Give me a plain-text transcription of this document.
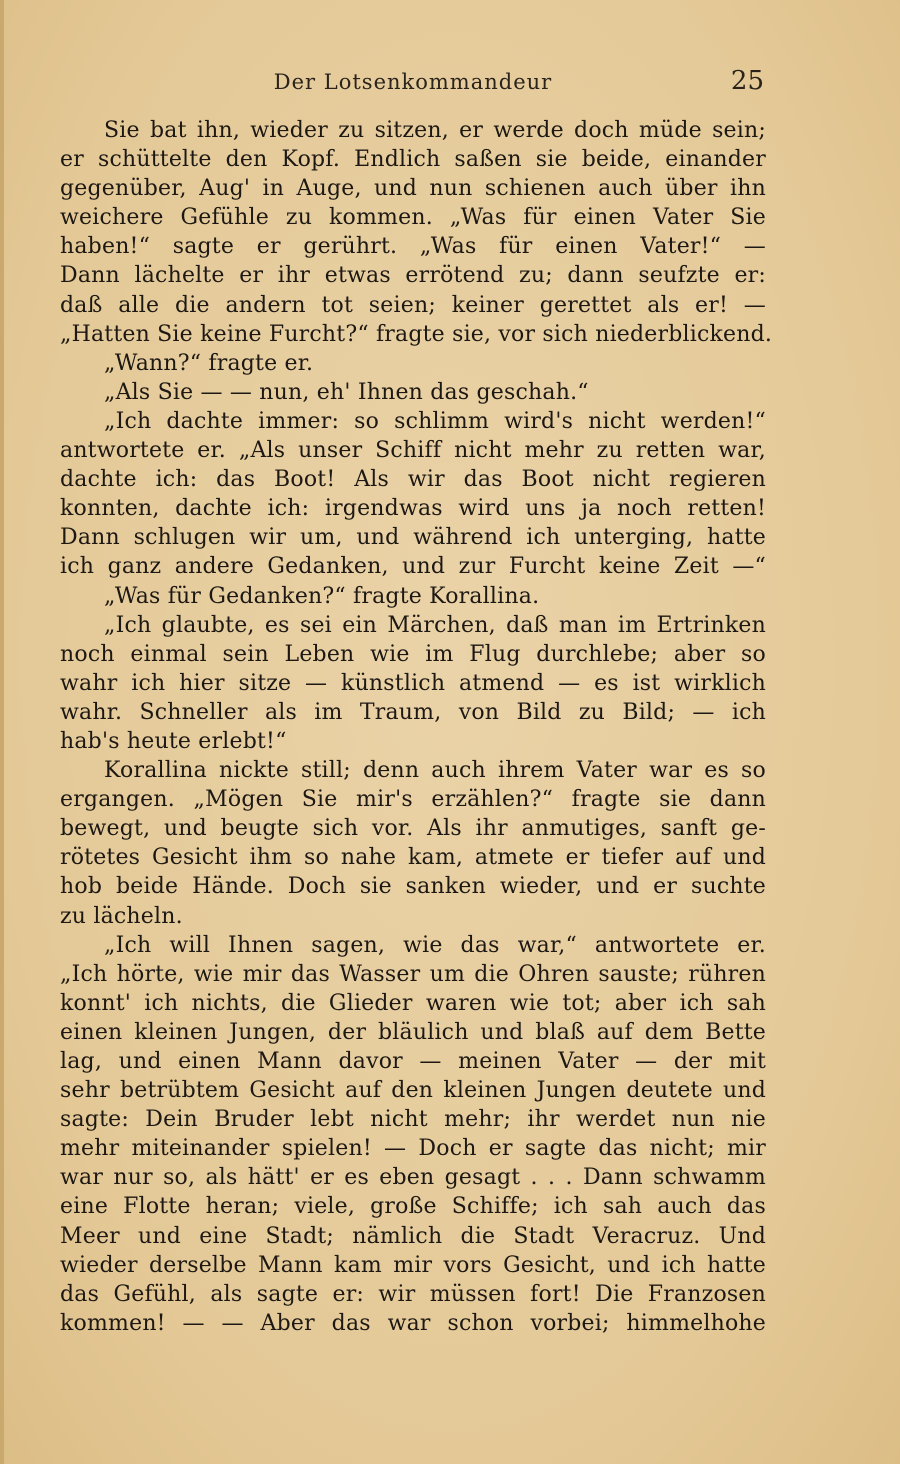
Der Lotsenkommandeur	25
Sie bat ihn, wieder zu sitzen, er werde doch müde sein;
er schüttelte den Kopf. Endlich saßen sie beide, einander
gegenüber, Aug' in Auge, und nun schienen auch über ihn
weichere Gefühle zu kommen. „Was für einen Vater Sie
haben!“ sagte er gerührt. „Was für einen Vater!“ —
Dann lächelte er ihr etwas errötend zu; dann seufzte er:
daß alle die andern tot seien; keiner gerettet als er! —
„Hatten Sie keine Furcht?“ fragte sie, vor sich niederblickend.
„Wann?“ fragte er.
„Als Sie — — nun, eh' Ihnen das geschah.“
„Ich dachte immer: so schlimm wird's nicht werden!“
antwortete er. „Als unser Schiff nicht mehr zu retten war,
dachte ich: das Boot! Als wir das Boot nicht regieren
konnten, dachte ich: irgendwas wird uns ja noch retten!
Dann schlugen wir um, und während ich unterging, hatte
ich ganz andere Gedanken, und zur Furcht keine Zeit —“
„Was für Gedanken?“ fragte Korallina.
„Ich glaubte, es sei ein Märchen, daß man im Ertrinken
noch einmal sein Leben wie im Flug durchlebe; aber so
wahr ich hier sitze — künstlich atmend — es ist wirklich
wahr. Schneller als im Traum, von Bild zu Bild; — ich
hab's heute erlebt!“
Korallina nickte still; denn auch ihrem Vater war es so
ergangen. „Mögen Sie mir's erzählen?“ fragte sie dann
bewegt, und beugte sich vor. Als ihr anmutiges, sanft ge-
rötetes Gesicht ihm so nahe kam, atmete er tiefer auf und
hob beide Hände. Doch sie sanken wieder, und er suchte
zu lächeln.
„Ich will Ihnen sagen, wie das war,“ antwortete er.
„Ich hörte, wie mir das Wasser um die Ohren sauste; rühren
konnt' ich nichts, die Glieder waren wie tot; aber ich sah
einen kleinen Jungen, der bläulich und blaß auf dem Bette
lag, und einen Mann davor — meinen Vater — der mit
sehr betrübtem Gesicht auf den kleinen Jungen deutete und
sagte: Dein Bruder lebt nicht mehr; ihr werdet nun nie
mehr miteinander spielen! — Doch er sagte das nicht; mir
war nur so, als hätt' er es eben gesagt . . . Dann schwamm
eine Flotte heran; viele, große Schiffe; ich sah auch das
Meer und eine Stadt; nämlich die Stadt Veracruz. Und
wieder derselbe Mann kam mir vors Gesicht, und ich hatte
das Gefühl, als sagte er: wir müssen fort! Die Franzosen
kommen! — — Aber das war schon vorbei; himmelhohe
